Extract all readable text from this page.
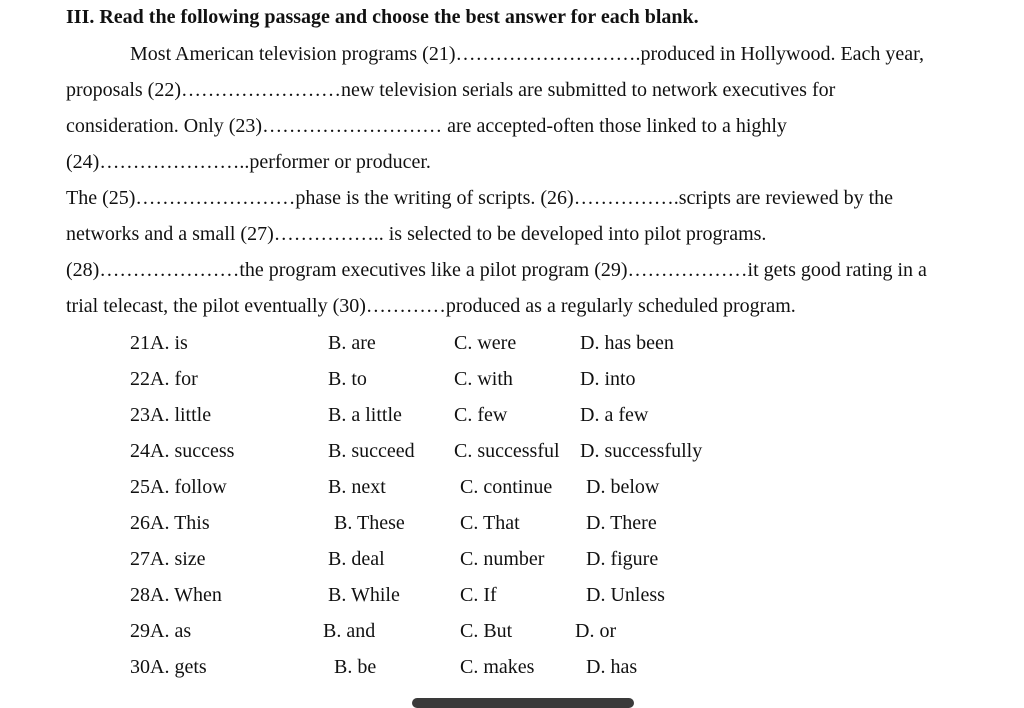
III. Read the following passage and choose the best answer for each blank.
Most American television programs (21)……………………….produced in Hollywood. Each year,
proposals (22)……………………new television serials are submitted to network executives for
consideration. Only (23)……………………… are accepted-often those linked to a highly
(24)…………………..performer or producer.
The (25)……………………phase is the writing of scripts. (26)…………….scripts are reviewed by the
networks and a small (27)…………….. is selected to be developed into pilot programs.
(28)…………………the program executives like a pilot program (29)………………it gets good rating in a
trial telecast, the pilot eventually (30)…………produced as a regularly scheduled program.
21A. is	B. are	C. were	D. has been
22A. for	B. to	C. with	D. into
23A. little	B. a little	C. few	D. a few
24A. success	B. succeed C. successful D. successfully
25A. follow	B. next	C. continue D. below
26A. This	B. These	C. That	D. There
27A. size	B. deal	C. number D. figure
28A. When	B. While	C. If	D. Unless
29A. as	B. and	C. But	D. or
30A. gets	B. be	C. makes	D. has
